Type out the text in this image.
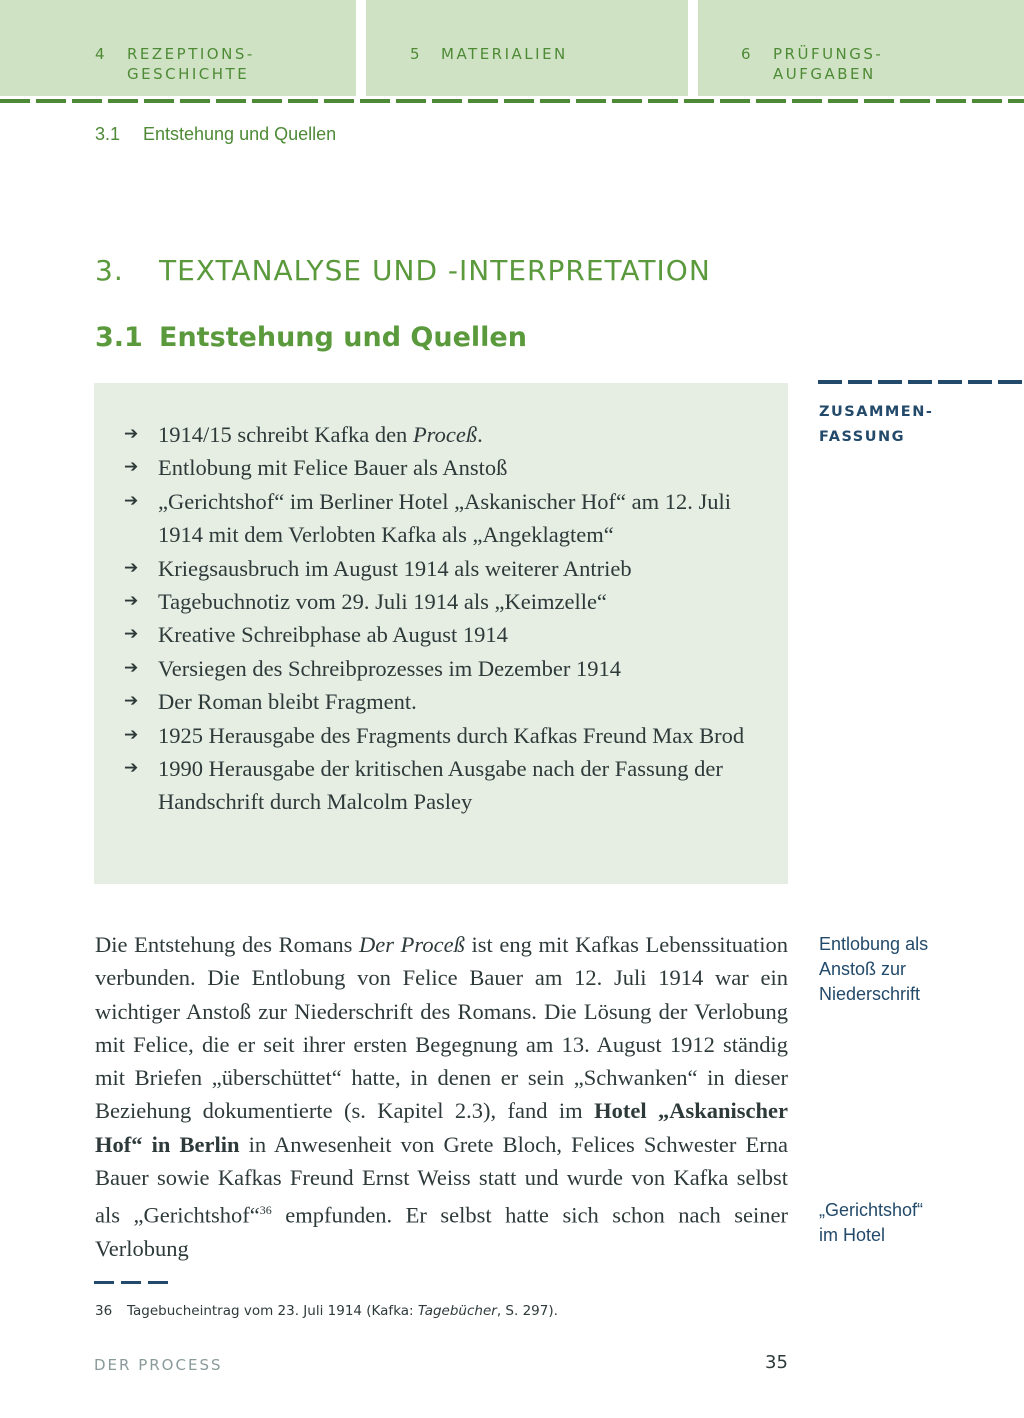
4 REZEPTIONS-
GESCHICHTE
5 MATERIALIEN	6 PRÜFUNGS-
AUFGABEN
3.1 Entstehung und Quellen
3. TEXTANALYSE UND -INTERPRETATION
3.1 Entstehung und Quellen
➔ 1914/15 schreibt Kafka den Proceß.
➔ Entlobung mit Felice Bauer als Anstoß
➔ „Gerichtshof“ im Berliner Hotel „Askanischer Hof“ am 12. Juli 1914 mit dem Verlobten Kafka als „Angeklagtem“
➔ Kriegsausbruch im August 1914 als weiterer Antrieb
➔ Tagebuchnotiz vom 29. Juli 1914 als „Keimzelle“
➔ Kreative Schreibphase ab August 1914
➔ Versiegen des Schreibprozesses im Dezember 1914
➔ Der Roman bleibt Fragment.
➔ 1925 Herausgabe des Fragments durch Kafkas Freund Max Brod
➔ 1990 Herausgabe der kritischen Ausgabe nach der Fassung der Handschrift durch Malcolm Pasley
ZUSAMMEN-
FASSUNG

Die Entstehung des Romans Der Proceß ist eng mit Kafkas Lebenssituation verbunden. Die Entlobung von Felice Bauer am 12. Juli 1914 war ein wichtiger Anstoß zur Niederschrift des Romans. Die Lösung der Verlobung mit Felice, die er seit ihrer ersten Begegnung am 13. August 1912 ständig mit Briefen „überschüttet“ hatte, in denen er sein „Schwanken“ in dieser Beziehung dokumentierte (s. Kapitel 2.3), fand im Hotel „Askanischer Hof“ in Berlin in Anwesenheit von Grete Bloch, Felices Schwester Erna Bauer sowie Kafkas Freund Ernst Weiss statt und wurde von Kafka selbst als „Gerichtshof“$^{36}$ empfunden. Er selbst hatte sich schon nach seiner Verlobung

Entlobung als
Anstoß zur
Niederschrift
„Gerichtshof“
im Hotel
36 Tagebucheintrag vom 23. Juli 1914 (Kafka: Tagebücher, S. 297).
DER PROCESS	35
